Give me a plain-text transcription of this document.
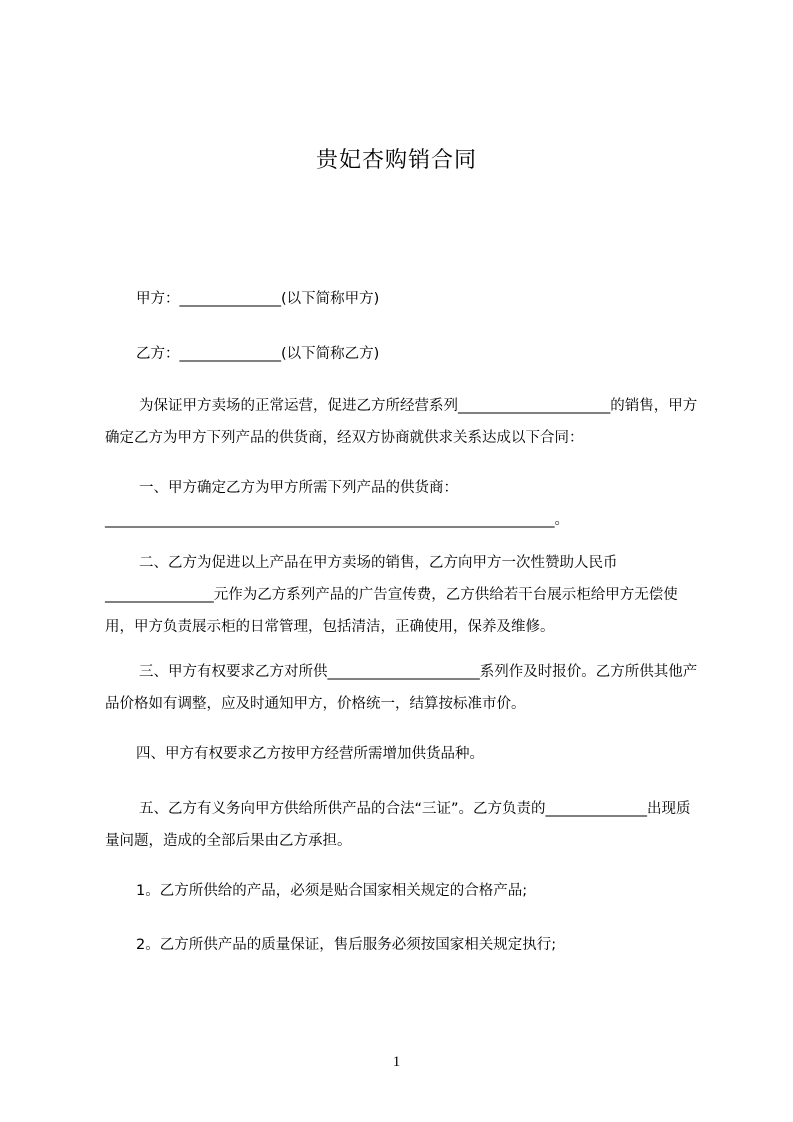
贵妃杏购销合同
甲方：______________(以下简称甲方)
乙方：______________(以下简称乙方)
为保证甲方卖场的正常运营，促进乙方所经营系列_____________________的销售，甲方确定乙方为甲方下列产品的供货商，经双方协商就供求关系达成以下合同：
一、甲方确定乙方为甲方所需下列产品的供货商：______________________________________________________________。
二、乙方为促进以上产品在甲方卖场的销售，乙方向甲方一次性赞助人民币_______________元作为乙方系列产品的广告宣传费，乙方供给若干台展示柜给甲方无偿使用，甲方负责展示柜的日常管理，包括清洁，正确使用，保养及维修。
三、甲方有权要求乙方对所供_____________________系列作及时报价。乙方所供其他产品价格如有调整，应及时通知甲方，价格统一，结算按标准市价。
四、甲方有权要求乙方按甲方经营所需增加供货品种。
五、乙方有义务向甲方供给所供产品的合法“三证”。乙方负责的______________出现质量问题，造成的全部后果由乙方承担。
1。乙方所供给的产品，必须是贴合国家相关规定的合格产品;
2。乙方所供产品的质量保证，售后服务必须按国家相关规定执行;
1
